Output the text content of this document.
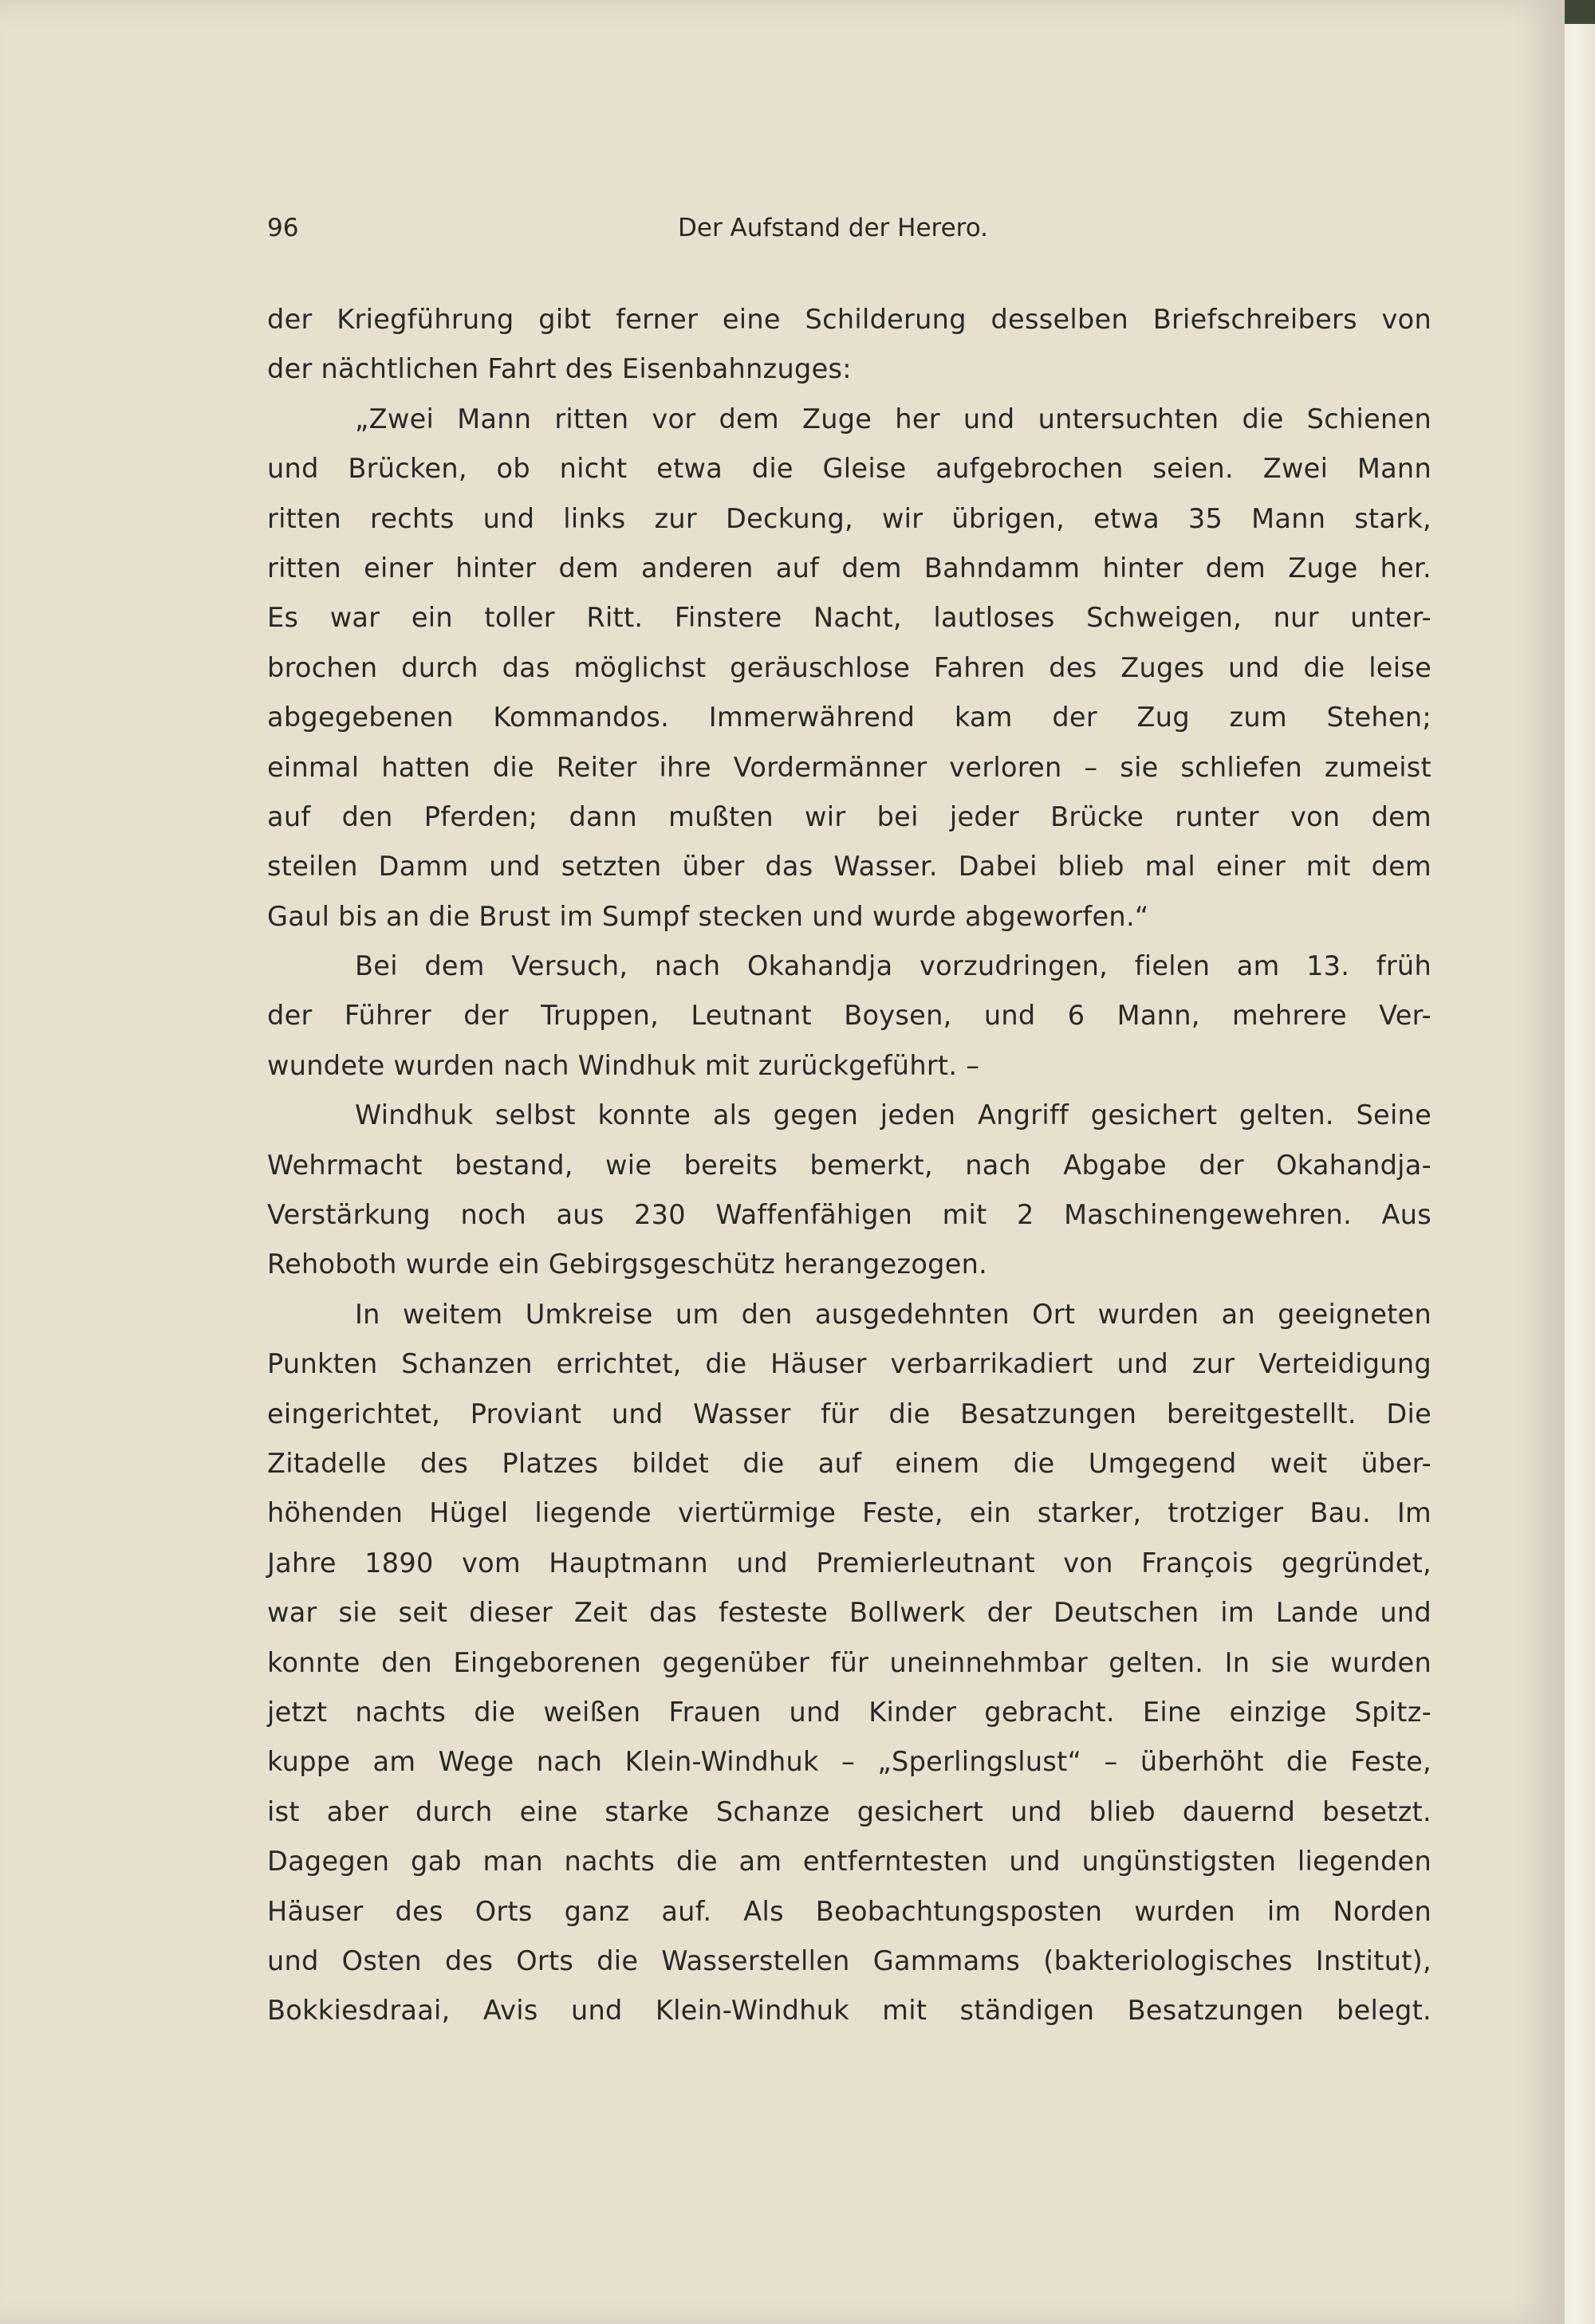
96	Der Aufstand der Herero.
der Kriegführung gibt ferner eine Schilderung desselben Briefschreibers von
der nächtlichen Fahrt des Eisenbahnzuges:
„Zwei Mann ritten vor dem Zuge her und untersuchten die Schienen
und Brücken, ob nicht etwa die Gleise aufgebrochen seien. Zwei Mann
ritten rechts und links zur Deckung, wir übrigen, etwa 35 Mann stark,
ritten einer hinter dem anderen auf dem Bahndamm hinter dem Zuge her.
Es war ein toller Ritt. Finstere Nacht, lautloses Schweigen, nur unter-
brochen durch das möglichst geräuschlose Fahren des Zuges und die leise
abgegebenen Kommandos. Immerwährend kam der Zug zum Stehen;
einmal hatten die Reiter ihre Vordermänner verloren – sie schliefen zumeist
auf den Pferden; dann mußten wir bei jeder Brücke runter von dem
steilen Damm und setzten über das Wasser. Dabei blieb mal einer mit dem
Gaul bis an die Brust im Sumpf stecken und wurde abgeworfen.“
Bei dem Versuch, nach Okahandja vorzudringen, fielen am 13. früh
der Führer der Truppen, Leutnant Boysen, und 6 Mann, mehrere Ver-
wundete wurden nach Windhuk mit zurückgeführt. –
Windhuk selbst konnte als gegen jeden Angriff gesichert gelten. Seine
Wehrmacht bestand, wie bereits bemerkt, nach Abgabe der Okahandja-
Verstärkung noch aus 230 Waffenfähigen mit 2 Maschinengewehren. Aus
Rehoboth wurde ein Gebirgsgeschütz herangezogen.
In weitem Umkreise um den ausgedehnten Ort wurden an geeigneten
Punkten Schanzen errichtet, die Häuser verbarrikadiert und zur Verteidigung
eingerichtet, Proviant und Wasser für die Besatzungen bereitgestellt. Die
Zitadelle des Platzes bildet die auf einem die Umgegend weit über-
höhenden Hügel liegende viertürmige Feste, ein starker, trotziger Bau. Im
Jahre 1890 vom Hauptmann und Premierleutnant von François gegründet,
war sie seit dieser Zeit das festeste Bollwerk der Deutschen im Lande und
konnte den Eingeborenen gegenüber für uneinnehmbar gelten. In sie wurden
jetzt nachts die weißen Frauen und Kinder gebracht. Eine einzige Spitz-
kuppe am Wege nach Klein-Windhuk – „Sperlingslust“ – überhöht die Feste,
ist aber durch eine starke Schanze gesichert und blieb dauernd besetzt.
Dagegen gab man nachts die am entferntesten und ungünstigsten liegenden
Häuser des Orts ganz auf. Als Beobachtungsposten wurden im Norden
und Osten des Orts die Wasserstellen Gammams (bakteriologisches Institut),
Bokkiesdraai, Avis und Klein-Windhuk mit ständigen Besatzungen belegt.
